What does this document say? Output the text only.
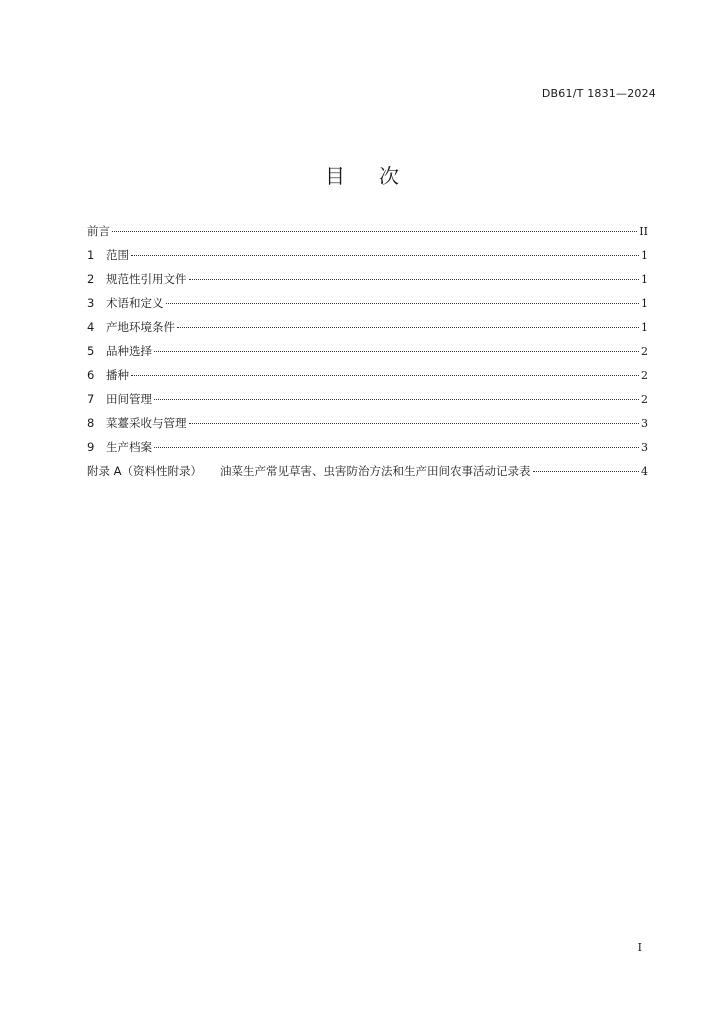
DB61/T 1831—2024
目次
前言	II
1	范围	1
2	规范性引用文件	1
3	术语和定义	1
4	产地环境条件	1
5	品种选择	2
6	播种	2
7	田间管理	2
8	菜薹采收与管理	3
9	生产档案	3
附录 A（资料性附录） 油菜生产常见草害、虫害防治方法和生产田间农事活动记录表	4
I
